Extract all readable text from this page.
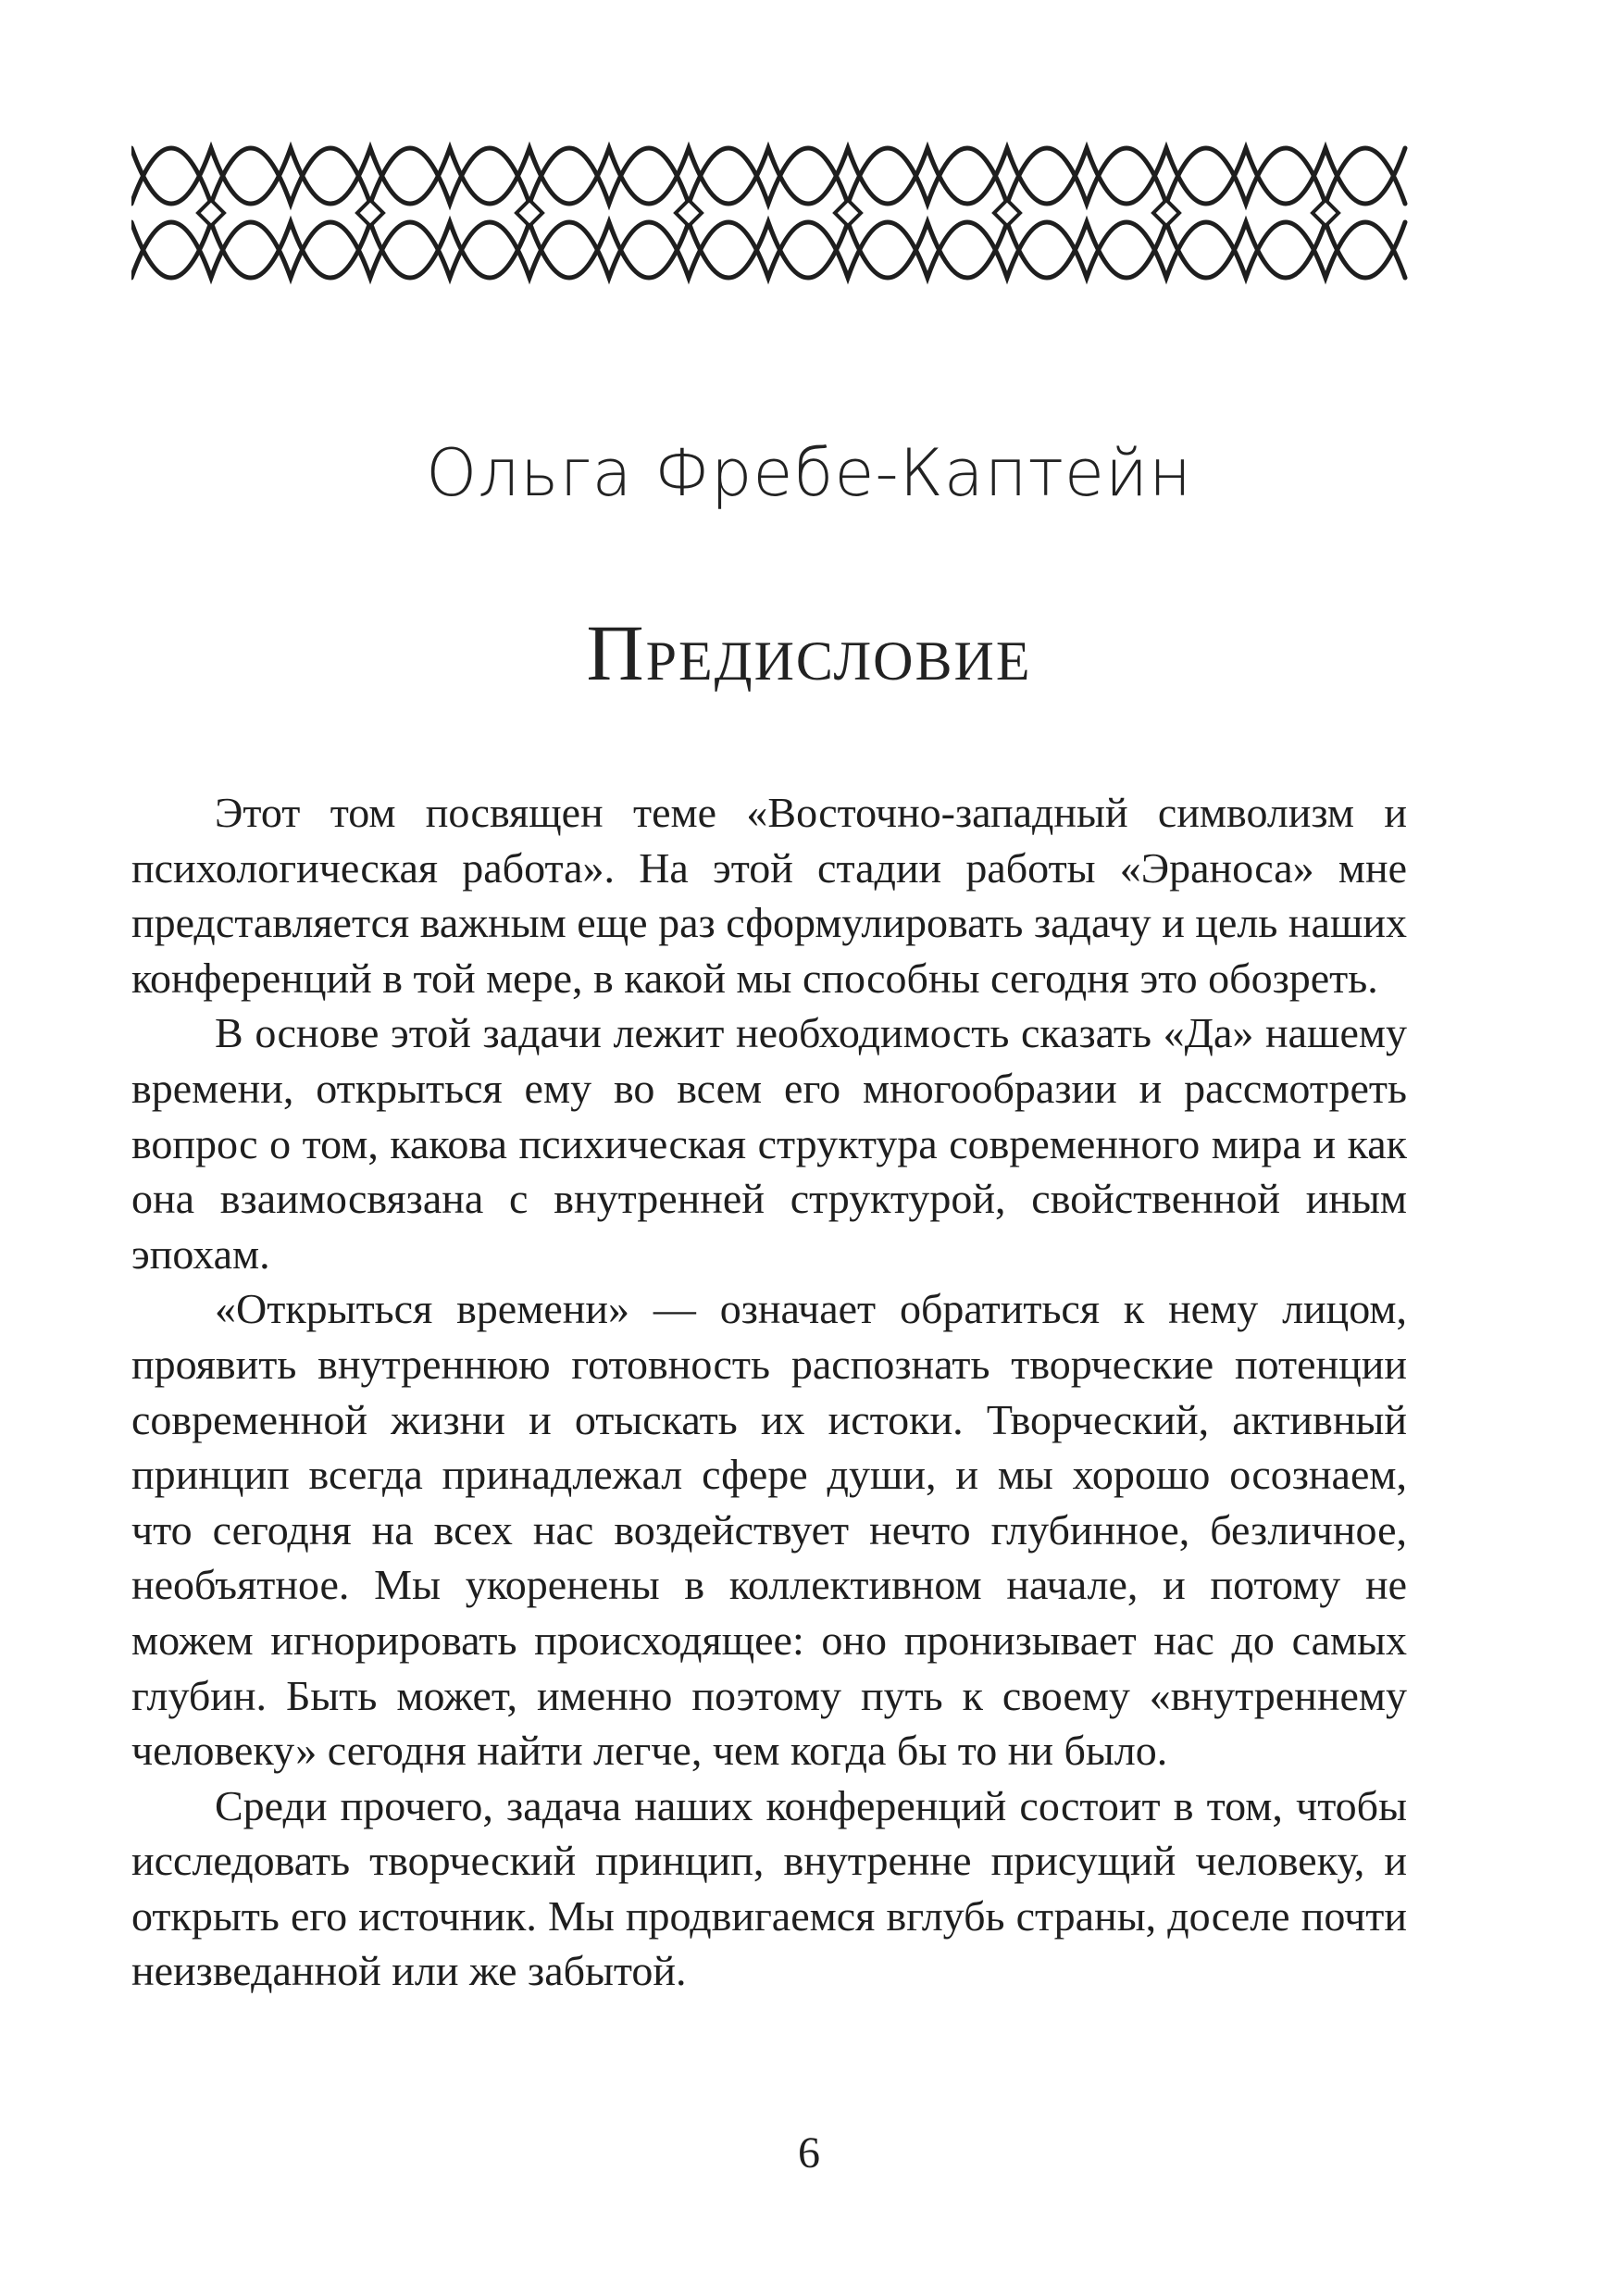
Ольга Фребе-Каптейн
Предисловие

Этот том посвящен теме «Восточно-западный символизм и психологическая работа». На этой стадии работы «Эраноса» мне представляется важным еще раз сформулировать задачу и цель наших конференций в той мере, в какой мы способны сегодня это обозреть.

В основе этой задачи лежит необходимость сказать «Да» нашему времени, открыться ему во всем его многообразии и рассмотреть вопрос о том, какова психическая структура современного мира и как она взаимосвязана с внутренней структурой, свойственной иным эпохам.

«Открыться времени» — означает обратиться к нему лицом, проявить внутреннюю готовность распознать творческие потенции современной жизни и отыскать их истоки. Творческий, активный принцип всегда принадлежал сфере души, и мы хорошо осознаем, что сегодня на всех нас воздействует нечто глубинное, безличное, необъятное. Мы укоренены в коллективном начале, и потому не можем игнорировать происходящее: оно пронизывает нас до самых глубин. Быть может, именно поэтому путь к своему «внутреннему человеку» сегодня найти легче, чем когда бы то ни было.

Среди прочего, задача наших конференций состоит в том, чтобы исследовать творческий принцип, внутренне присущий человеку, и открыть его источник. Мы продвигаемся вглубь страны, доселе почти неизведанной или же забытой.

6
